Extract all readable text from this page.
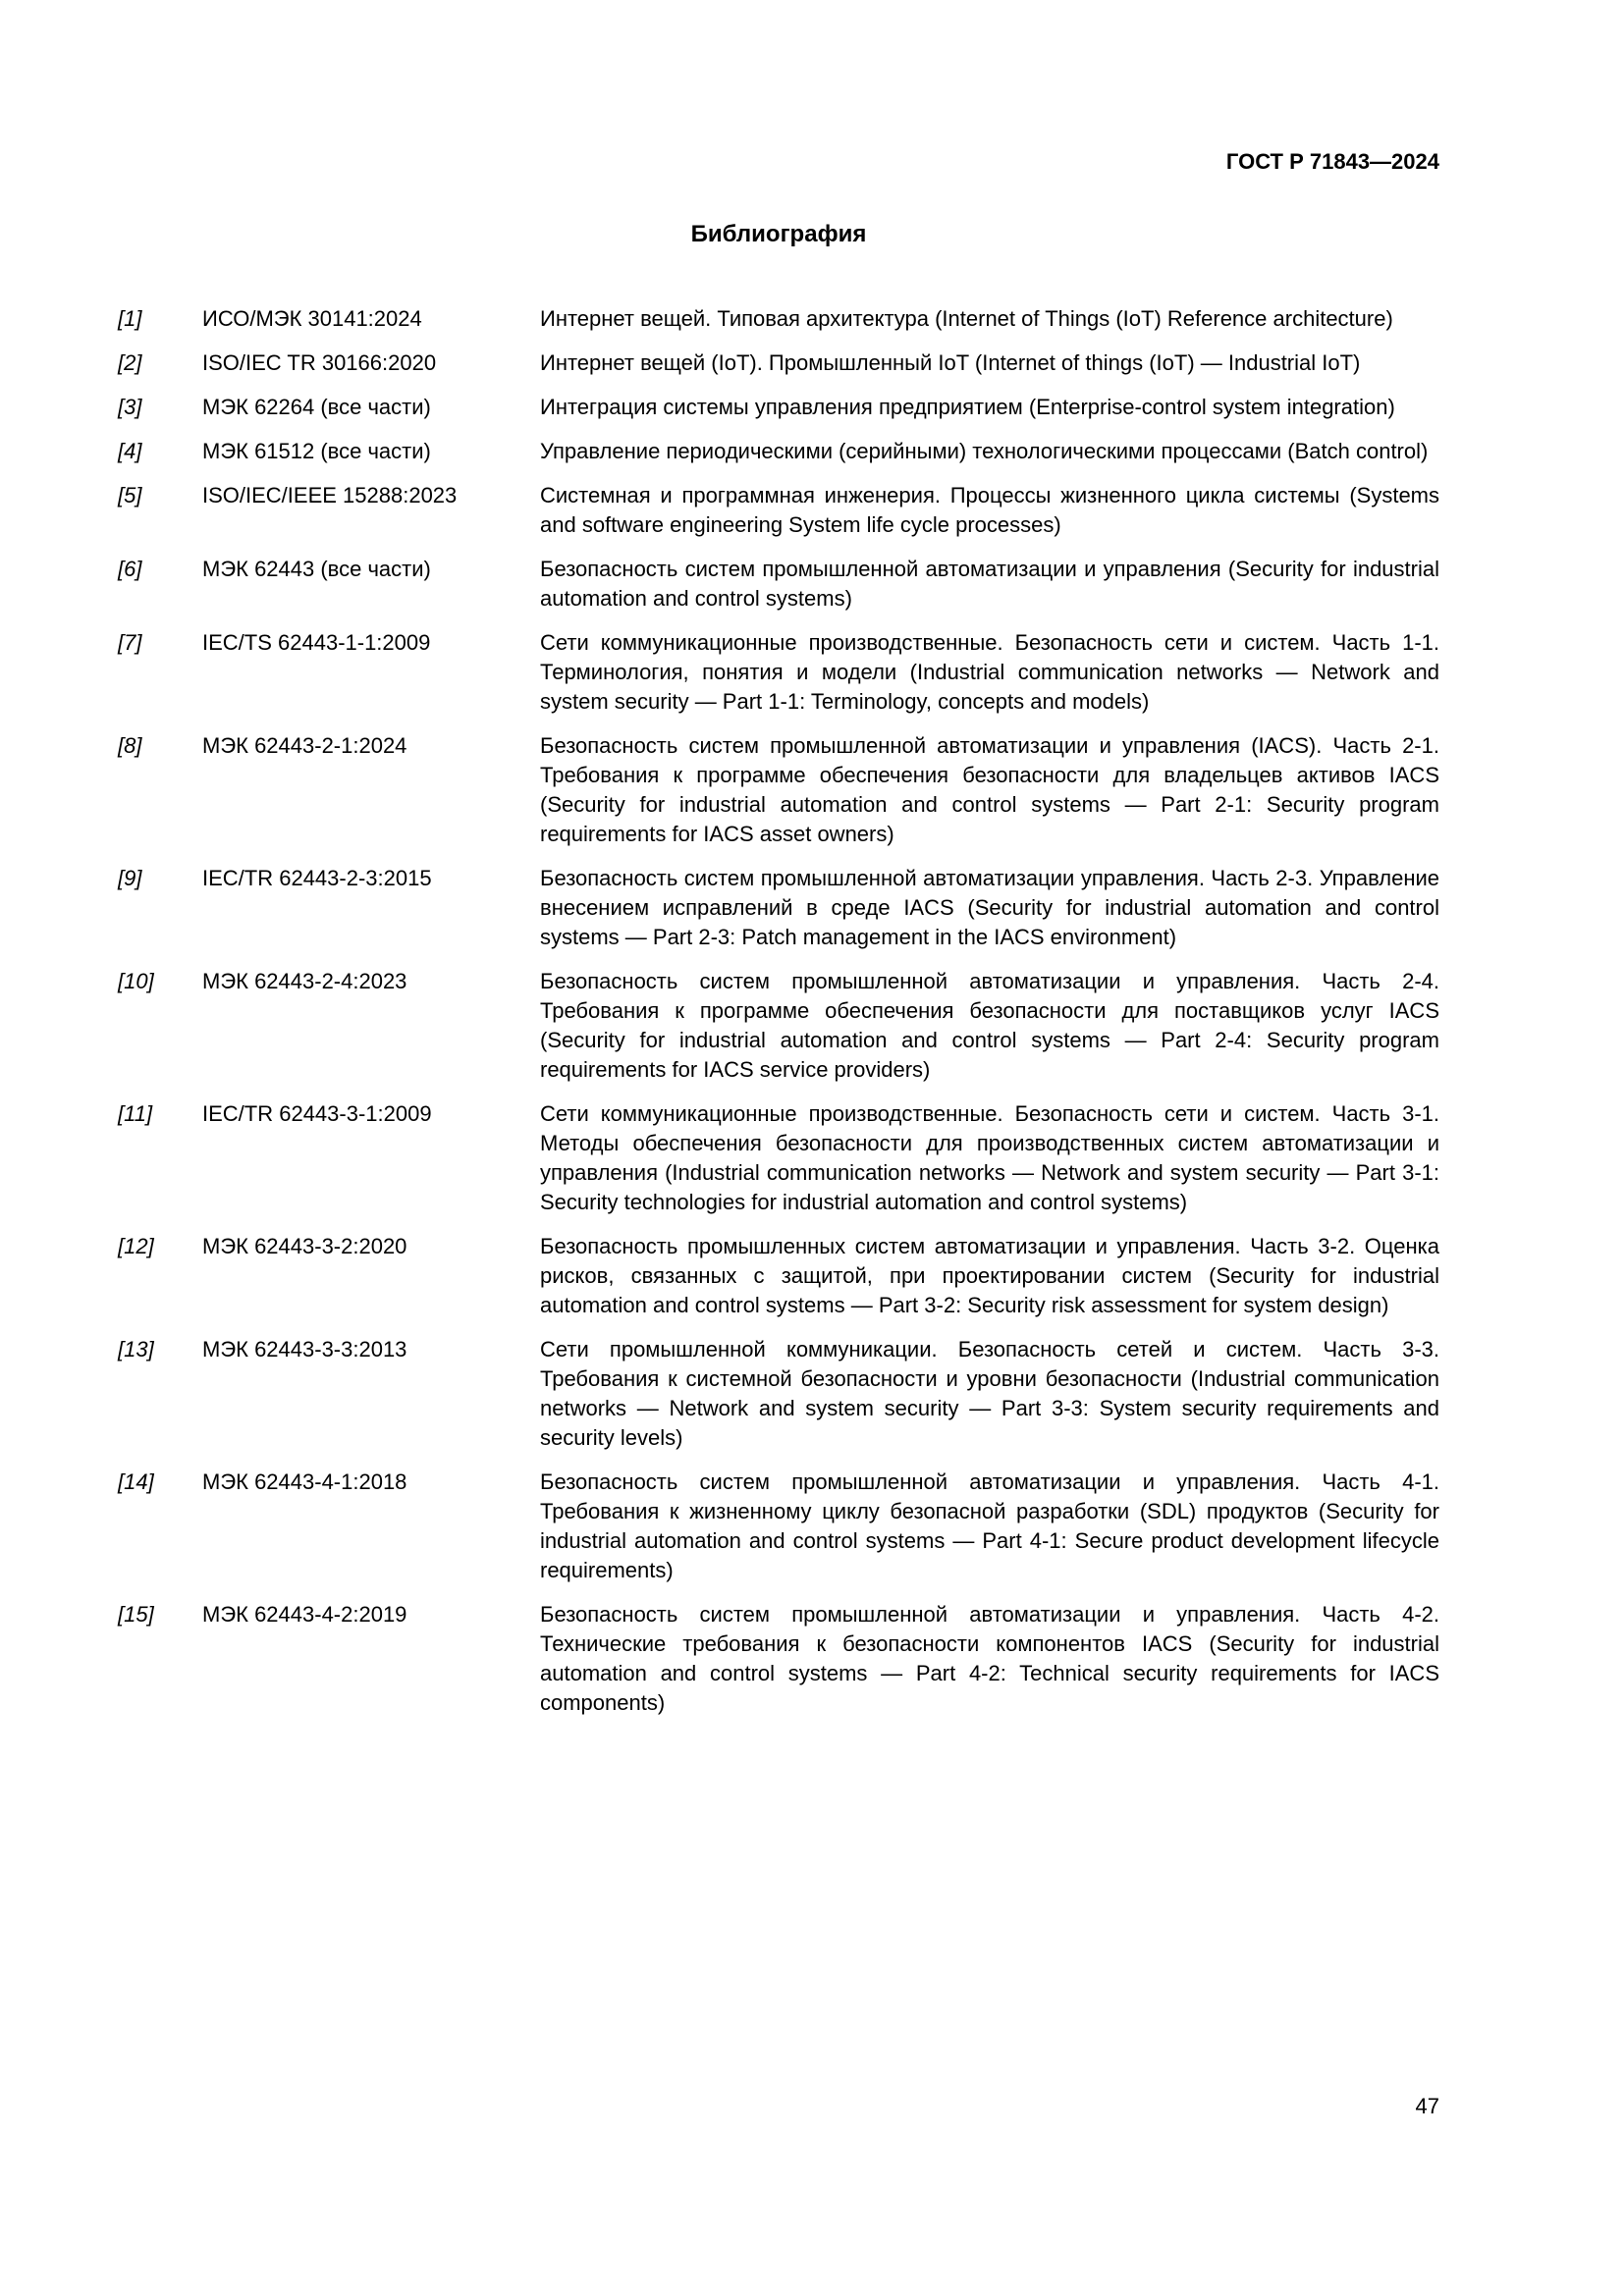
ГОСТ Р 71843—2024
Библиография
[1]	ИСО/МЭК 30141:2024	Интернет вещей. Типовая архитектура (Internet of Things (IoT) Reference architecture)
[2]	ISO/IEC TR 30166:2020	Интернет вещей (IoT). Промышленный IoT (Internet of things (IoT) — Industrial IoT)
[3]	МЭК 62264 (все части)	Интеграция системы управления предприятием (Enterprise-control system integration)
[4]	МЭК 61512 (все части)	Управление периодическими (серийными) технологическими процессами (Batch control)
[5]	ISO/IEC/IEEE 15288:2023	Системная и программная инженерия. Процессы жизненного цикла системы (Systems and software engineering System life cycle processes)
[6]	МЭК 62443 (все части)	Безопасность систем промышленной автоматизации и управления (Security for industrial automation and control systems)
[7]	IEC/TS 62443-1-1:2009	Сети коммуникационные производственные. Безопасность сети и систем. Часть 1-1. Терминология, понятия и модели (Industrial communication networks — Network and system security — Part 1-1: Terminology, concepts and models)
[8]	МЭК 62443-2-1:2024	Безопасность систем промышленной автоматизации и управления (IACS). Часть 2-1. Требования к программе обеспечения безопасности для владельцев активов IACS (Security for industrial automation and control systems — Part 2-1: Security program requirements for IACS asset owners)
[9]	IEC/TR 62443-2-3:2015	Безопасность систем промышленной автоматизации управления. Часть 2-3. Управление внесением исправлений в среде IACS (Security for industrial automation and control systems — Part 2-3: Patch management in the IACS environment)
[10]	МЭК 62443-2-4:2023	Безопасность систем промышленной автоматизации и управления. Часть 2-4. Требования к программе обеспечения безопасности для поставщиков услуг IACS (Security for industrial automation and control systems — Part 2-4: Security program requirements for IACS service providers)
[11]	IEC/TR 62443-3-1:2009	Сети коммуникационные производственные. Безопасность сети и систем. Часть 3-1. Методы обеспечения безопасности для производственных систем автоматизации и управления (Industrial communication networks — Network and system security — Part 3-1: Security technologies for industrial automation and control systems)
[12]	МЭК 62443-3-2:2020	Безопасность промышленных систем автоматизации и управления. Часть 3-2. Оценка рисков, связанных с защитой, при проектировании систем (Security for industrial automation and control systems — Part 3-2: Security risk assessment for system design)
[13]	МЭК 62443-3-3:2013	Сети промышленной коммуникации. Безопасность сетей и систем. Часть 3-3. Требования к системной безопасности и уровни безопасности (Industrial communication networks — Network and system security — Part 3-3: System security requirements and security levels)
[14]	МЭК 62443-4-1:2018	Безопасность систем промышленной автоматизации и управления. Часть 4-1. Требования к жизненному циклу безопасной разработки (SDL) продуктов (Security for industrial automation and control systems — Part 4-1: Secure product development lifecycle requirements)
[15]	МЭК 62443-4-2:2019	Безопасность систем промышленной автоматизации и управления. Часть 4-2. Технические требования к безопасности компонентов IACS (Security for industrial automation and control systems — Part 4-2: Technical security requirements for IACS components)
47
